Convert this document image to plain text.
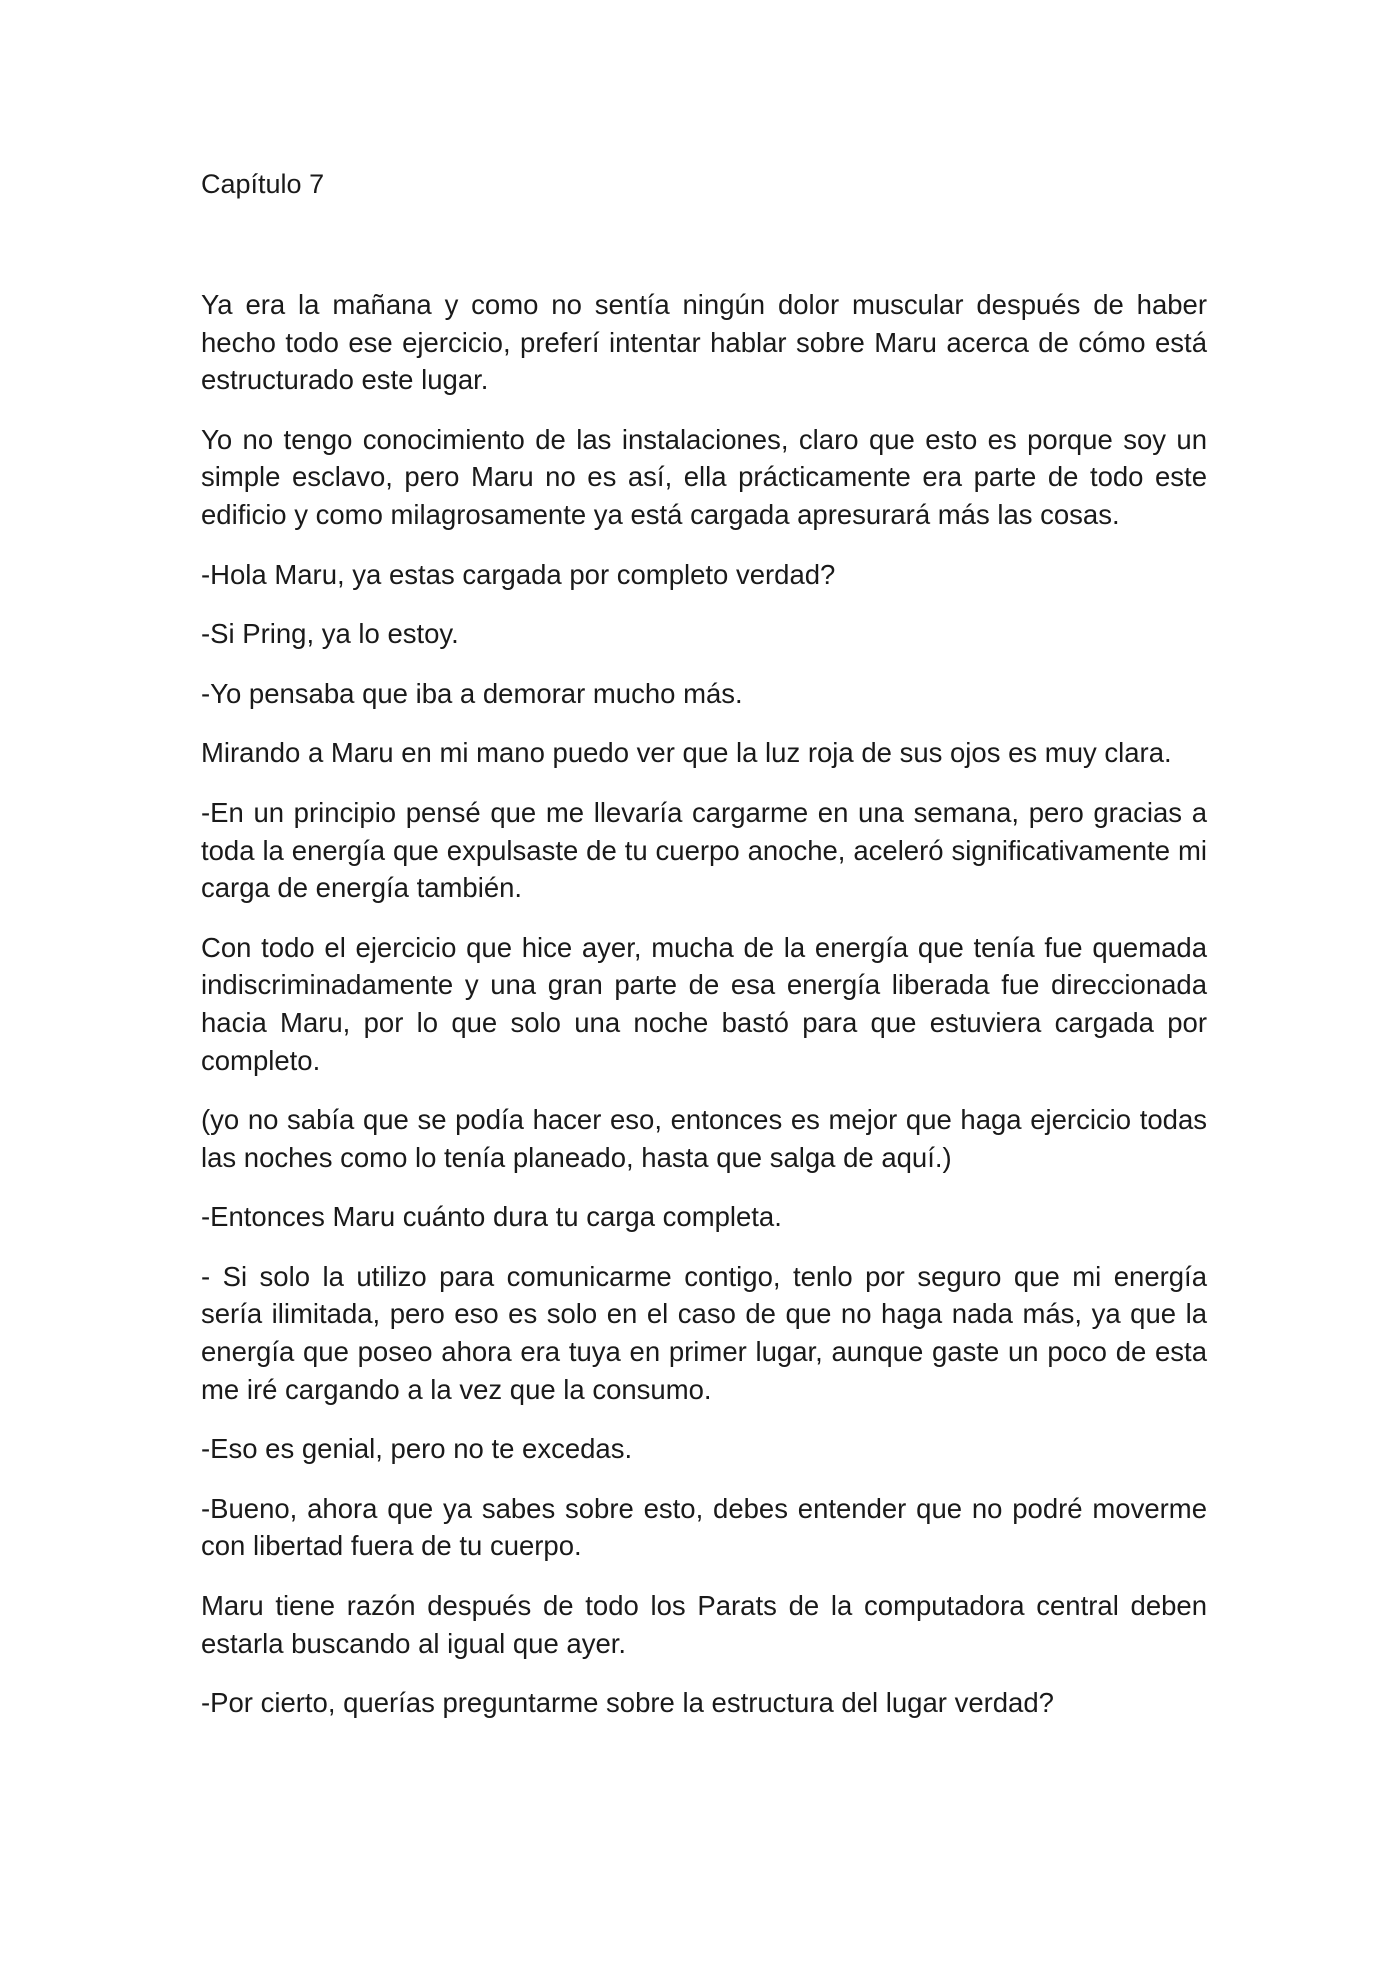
Capítulo 7

Ya era la mañana y como no sentía ningún dolor muscular después de haber hecho todo ese ejercicio, preferí intentar hablar sobre Maru acerca de cómo está estructurado este lugar.

Yo no tengo conocimiento de las instalaciones, claro que esto es porque soy un simple esclavo, pero Maru no es así, ella prácticamente era parte de todo este edificio y como milagrosamente ya está cargada apresurará más las cosas.

-Hola Maru, ya estas cargada por completo verdad?

-Si Pring, ya lo estoy.

-Yo pensaba que iba a demorar mucho más.

Mirando a Maru en mi mano puedo ver que la luz roja de sus ojos es muy clara.

-En un principio pensé que me llevaría cargarme en una semana, pero gracias a toda la energía que expulsaste de tu cuerpo anoche, aceleró significativamente mi carga de energía también.

Con todo el ejercicio que hice ayer, mucha de la energía que tenía fue quemada indiscriminadamente y una gran parte de esa energía liberada fue direccionada hacia Maru, por lo que solo una noche bastó para que estuviera cargada por completo.

(yo no sabía que se podía hacer eso, entonces es mejor que haga ejercicio todas las noches como lo tenía planeado, hasta que salga de aquí.)

-Entonces Maru cuánto dura tu carga completa.

- Si solo la utilizo para comunicarme contigo, tenlo por seguro que mi energía sería ilimitada, pero eso es solo en el caso de que no haga nada más, ya que la energía que poseo ahora era tuya en primer lugar, aunque gaste un poco de esta me iré cargando a la vez que la consumo.

-Eso es genial, pero no te excedas.

-Bueno, ahora que ya sabes sobre esto, debes entender que no podré moverme con libertad fuera de tu cuerpo.

Maru tiene razón después de todo los Parats de la computadora central deben estarla buscando al igual que ayer.

-Por cierto, querías preguntarme sobre la estructura del lugar verdad?
